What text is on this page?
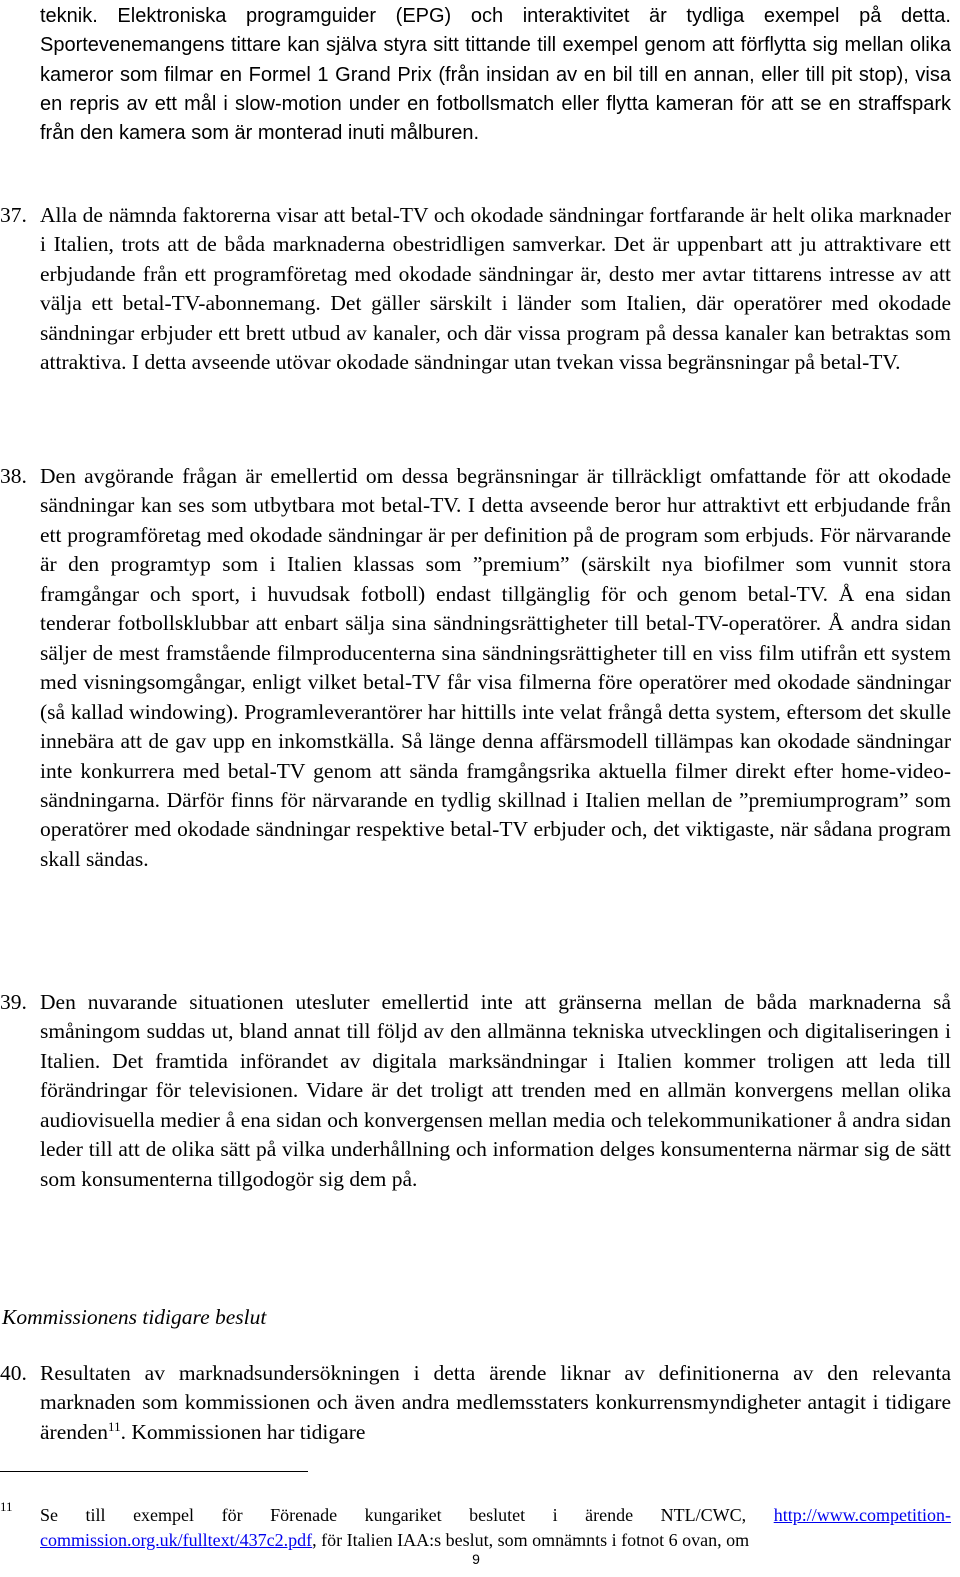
teknik. Elektroniska programguider (EPG) och interaktivitet är tydliga exempel på detta. Sportevenemangens tittare kan själva styra sitt tittande till exempel genom att förflytta sig mellan olika kameror som filmar en Formel 1 Grand Prix (från insidan av en bil till en annan, eller till pit stop), visa en repris av ett mål i slow-motion under en fotbollsmatch eller flytta kameran för att se en straffspark från den kamera som är monterad inuti målburen.
37. Alla de nämnda faktorerna visar att betal-TV och okodade sändningar fortfarande är helt olika marknader i Italien, trots att de båda marknaderna obestridligen samverkar. Det är uppenbart att ju attraktivare ett erbjudande från ett programföretag med okodade sändningar är, desto mer avtar tittarens intresse av att välja ett betal-TV-abonnemang. Det gäller särskilt i länder som Italien, där operatörer med okodade sändningar erbjuder ett brett utbud av kanaler, och där vissa program på dessa kanaler kan betraktas som attraktiva. I detta avseende utövar okodade sändningar utan tvekan vissa begränsningar på betal-TV.
38. Den avgörande frågan är emellertid om dessa begränsningar är tillräckligt omfattande för att okodade sändningar kan ses som utbytbara mot betal-TV. I detta avseende beror hur attraktivt ett erbjudande från ett programföretag med okodade sändningar är per definition på de program som erbjuds. För närvarande är den programtyp som i Italien klassas som ”premium” (särskilt nya biofilmer som vunnit stora framgångar och sport, i huvudsak fotboll) endast tillgänglig för och genom betal-TV. Å ena sidan tenderar fotbollsklubbar att enbart sälja sina sändningsrättigheter till betal-TV-operatörer. Å andra sidan säljer de mest framstående filmproducenterna sina sändningsrättigheter till en viss film utifrån ett system med visningsomgångar, enligt vilket betal-TV får visa filmerna före operatörer med okodade sändningar (så kallad windowing). Programleverantörer har hittills inte velat frångå detta system, eftersom det skulle innebära att de gav upp en inkomstkälla. Så länge denna affärsmodell tillämpas kan okodade sändningar inte konkurrera med betal-TV genom att sända framgångsrika aktuella filmer direkt efter home-video-sändningarna. Därför finns för närvarande en tydlig skillnad i Italien mellan de ”premiumprogram” som operatörer med okodade sändningar respektive betal-TV erbjuder och, det viktigaste, när sådana program skall sändas.
39. Den nuvarande situationen utesluter emellertid inte att gränserna mellan de båda marknaderna så småningom suddas ut, bland annat till följd av den allmänna tekniska utvecklingen och digitaliseringen i Italien. Det framtida införandet av digitala marksändningar i Italien kommer troligen att leda till förändringar för televisionen. Vidare är det troligt att trenden med en allmän konvergens mellan olika audiovisuella medier å ena sidan och konvergensen mellan media och telekommunikationer å andra sidan leder till att de olika sätt på vilka underhållning och information delges konsumenterna närmar sig de sätt som konsumenterna tillgodogör sig dem på.
Kommissionens tidigare beslut
40. Resultaten av marknadsundersökningen i detta ärende liknar av definitionerna av den relevanta marknaden som kommissionen och även andra medlemsstaters konkurrensmyndigheter antagit i tidigare ärenden$^{11}$. Kommissionen har tidigare
11 Se till exempel för Förenade kungariket beslutet i ärende NTL/CWC, http://www.competition-commission.org.uk/fulltext/437c2.pdf, för Italien IAA:s beslut, som omnämnts i fotnot 6 ovan, om
9
